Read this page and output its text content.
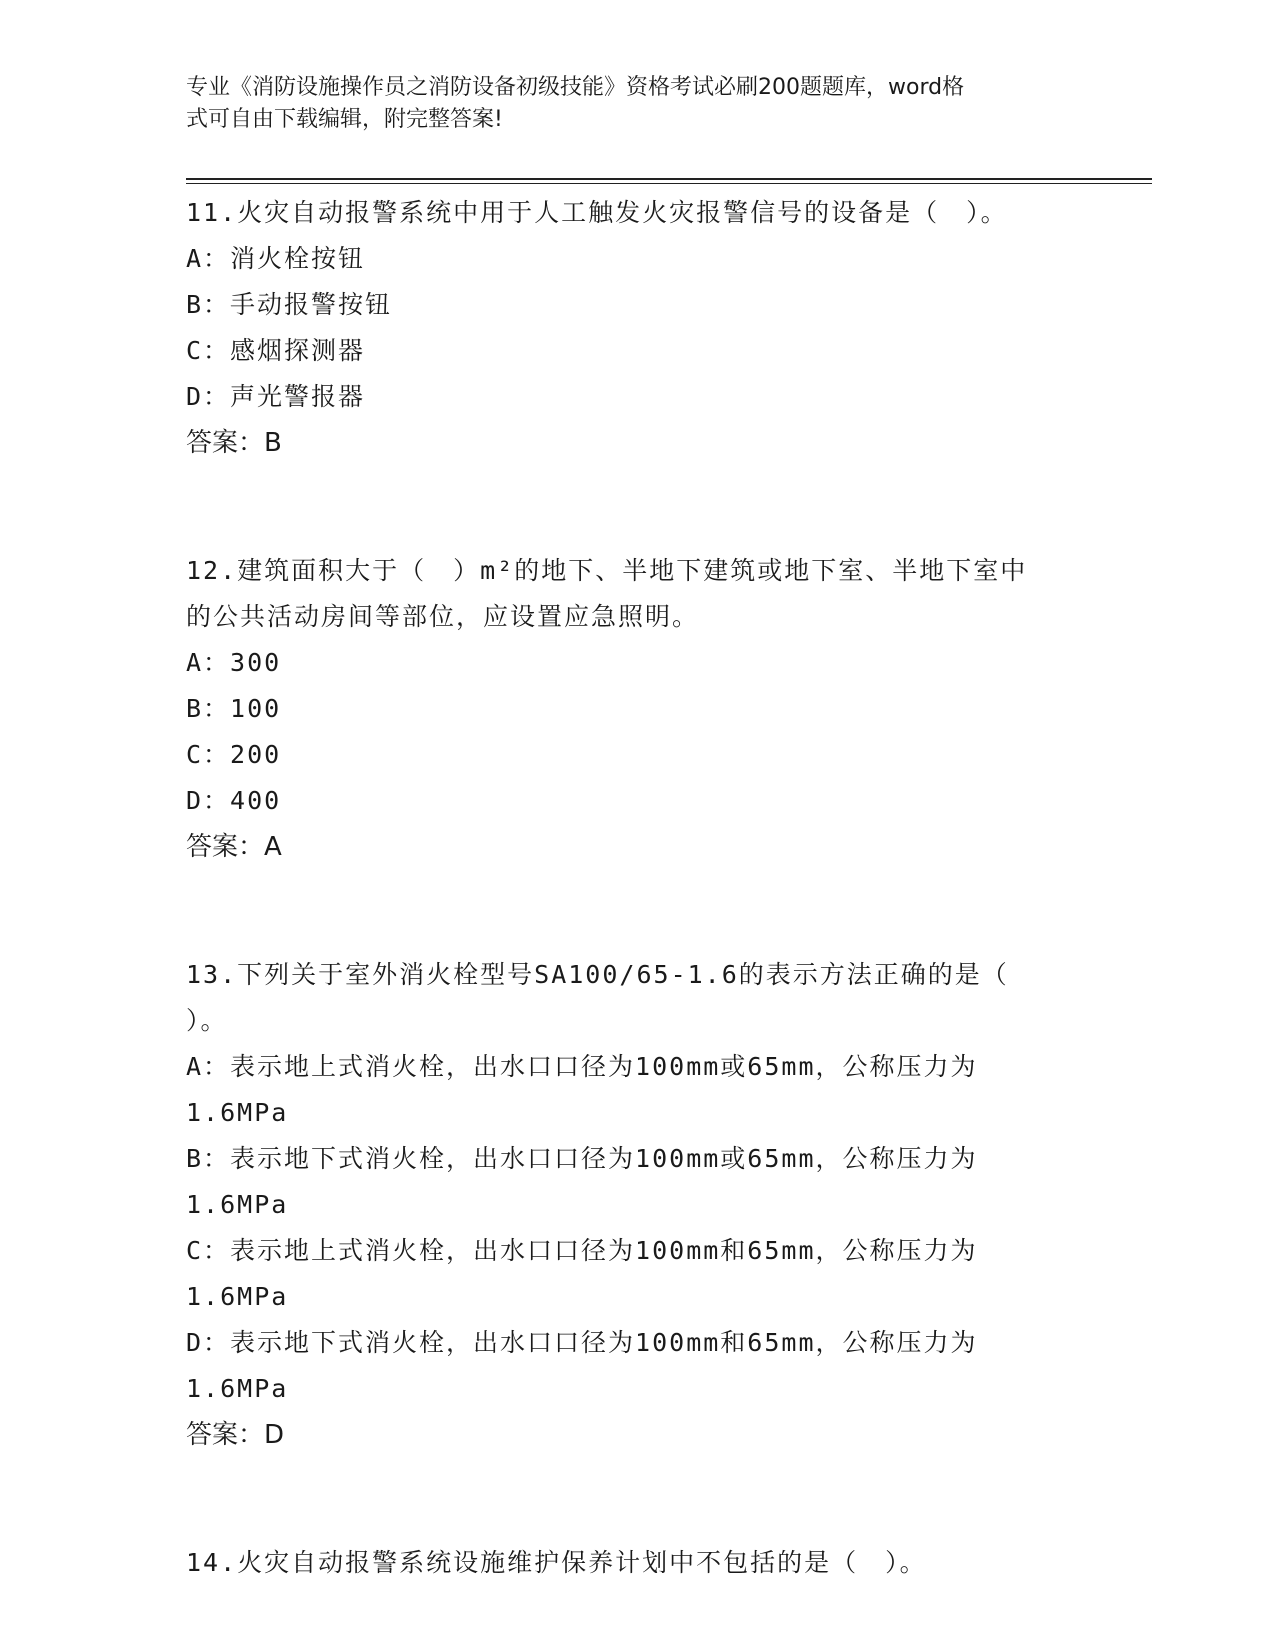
专业《消防设施操作员之消防设备初级技能》资格考试必刷200题题库，word格
式可自由下载编辑，附完整答案!
11.火灾自动报警系统中用于人工触发火灾报警信号的设备是（　）。
A：消火栓按钮
B：手动报警按钮
C：感烟探测器
D：声光警报器
答案：B
12.建筑面积大于（　）m²的地下、半地下建筑或地下室、半地下室中
的公共活动房间等部位，应设置应急照明。
A：300
B：100
C：200
D：400
答案：A
13.下列关于室外消火栓型号SA100/65-1.6的表示方法正确的是（
）。
A：表示地上式消火栓，出水口口径为100mm或65mm，公称压力为
1.6MPa
B：表示地下式消火栓，出水口口径为100mm或65mm，公称压力为
1.6MPa
C：表示地上式消火栓，出水口口径为100mm和65mm，公称压力为
1.6MPa
D：表示地下式消火栓，出水口口径为100mm和65mm，公称压力为
1.6MPa
答案：D
14.火灾自动报警系统设施维护保养计划中不包括的是（　）。
